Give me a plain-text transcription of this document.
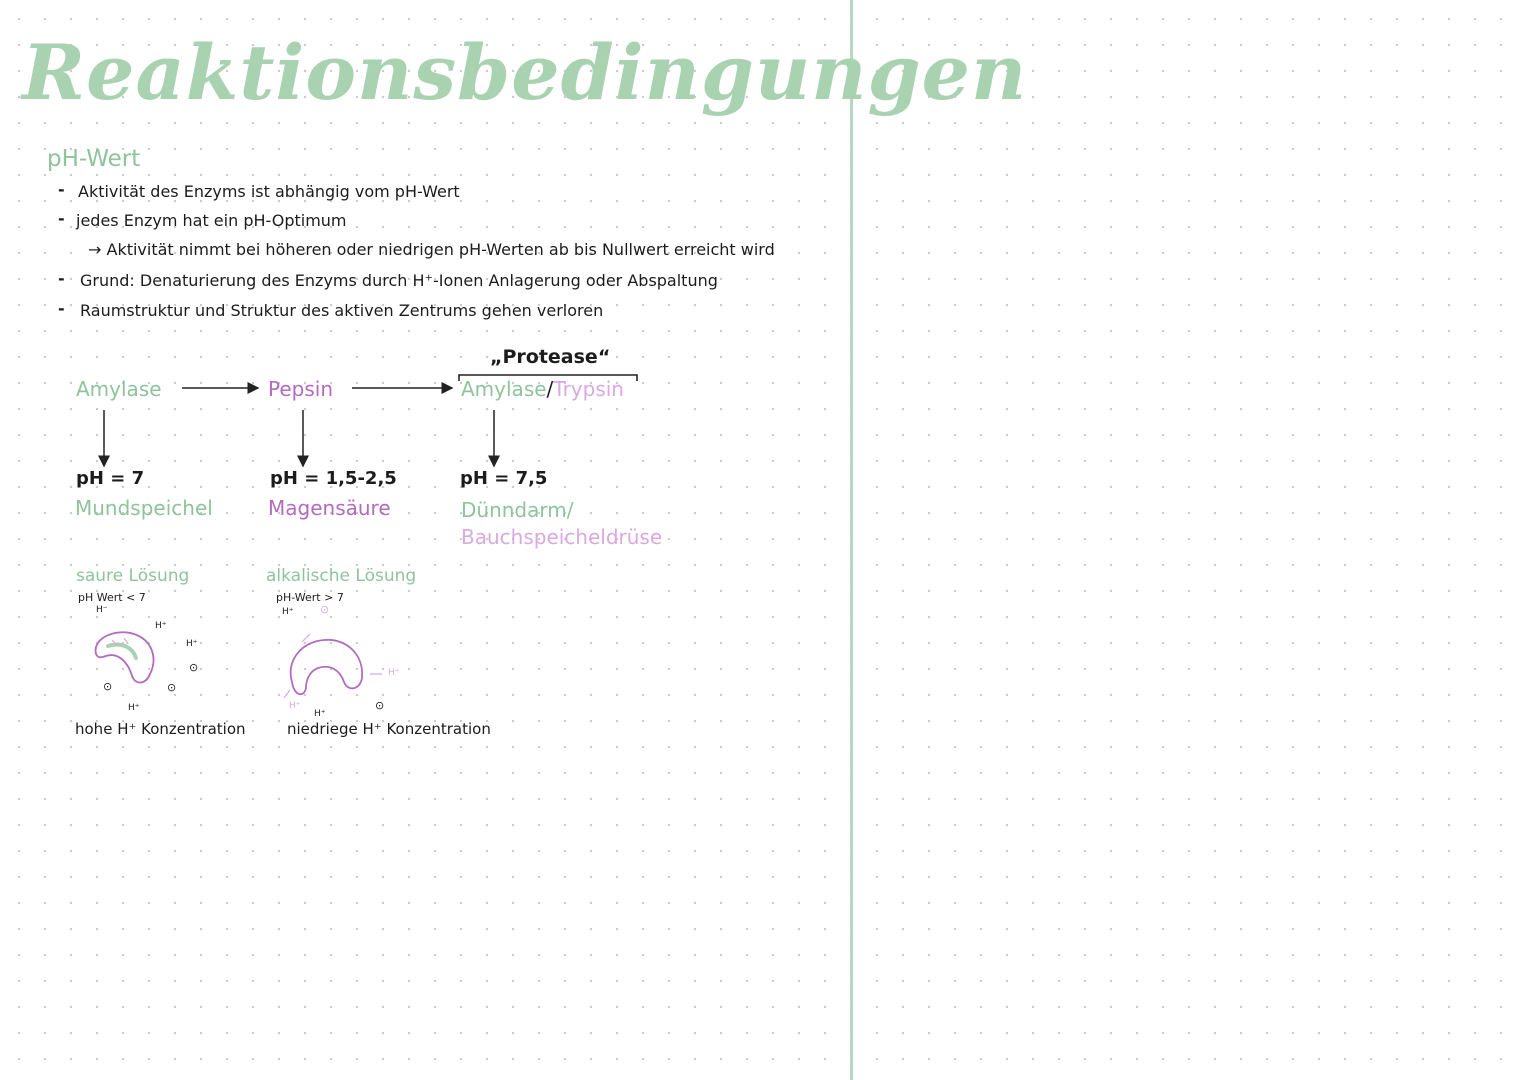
Reaktionsbedingungen
pH-Wert
- Aktivität des Enzyms ist abhängig vom pH-Wert
- jedes Enzym hat ein pH-Optimum
→ Aktivität nimmt bei höheren oder niedrigen pH-Werten ab bis Nullwert erreicht wird
- Grund: Denaturierung des Enzyms durch H⁺-Ionen Anlagerung oder Abspaltung
- Raumstruktur und Struktur des aktiven Zentrums gehen verloren
„Protease“
Amylase	Pepsin	Amylase/Trypsin
pH = 7	pH = 1,5-2,5	pH = 7,5
Mundspeichel	Magensäure	Dünndarm/
Bauchspeicheldrüse
saure Lösung
pH Wert < 7
H⁻
H⁺
H⁺
⊙
⊙	⊙
H⁺
hohe H⁺ Konzentration
alkalische Lösung
pH-Wert > 7
H⁺ ⊙
H⁺
H⁺
H⁺
⊙
niedriege H⁺ Konzentration
